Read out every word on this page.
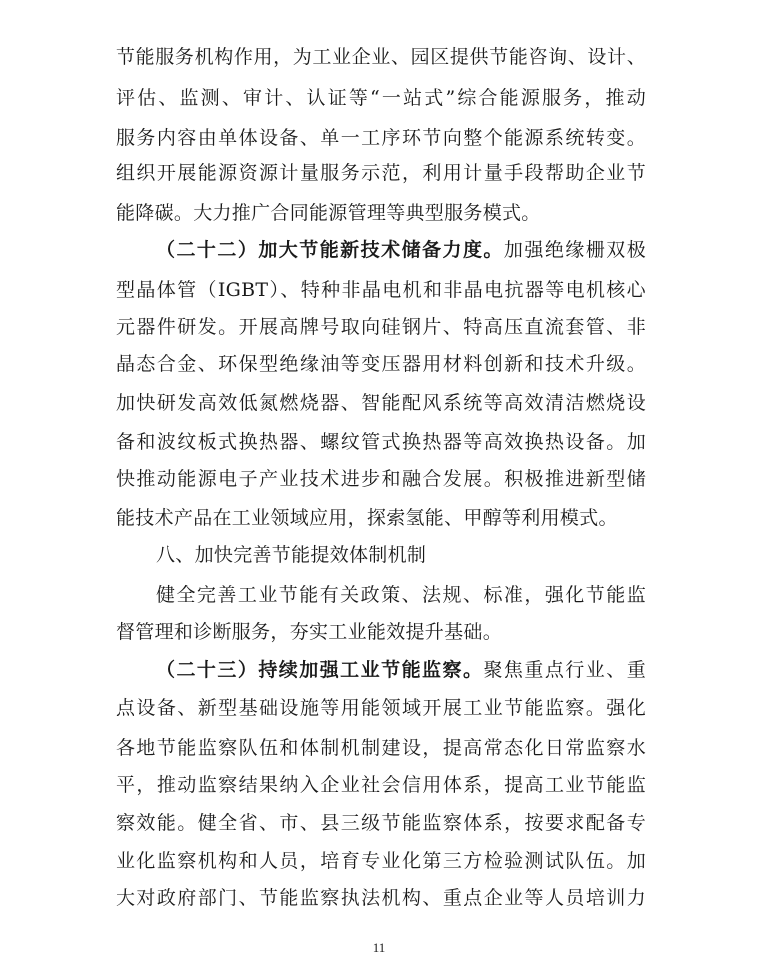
节能服务机构作用，为工业企业、园区提供节能咨询、设计、
评估、监测、审计、认证等“一站式”综合能源服务，推动
服务内容由单体设备、单一工序环节向整个能源系统转变。
组织开展能源资源计量服务示范，利用计量手段帮助企业节
能降碳。大力推广合同能源管理等典型服务模式。
（二十二）加大节能新技术储备力度。加强绝缘栅双极
型晶体管（IGBT）、特种非晶电机和非晶电抗器等电机核心
元器件研发。开展高牌号取向硅钢片、特高压直流套管、非
晶态合金、环保型绝缘油等变压器用材料创新和技术升级。
加快研发高效低氮燃烧器、智能配风系统等高效清洁燃烧设
备和波纹板式换热器、螺纹管式换热器等高效换热设备。加
快推动能源电子产业技术进步和融合发展。积极推进新型储
能技术产品在工业领域应用，探索氢能、甲醇等利用模式。
八、加快完善节能提效体制机制
健全完善工业节能有关政策、法规、标准，强化节能监
督管理和诊断服务，夯实工业能效提升基础。
（二十三）持续加强工业节能监察。聚焦重点行业、重
点设备、新型基础设施等用能领域开展工业节能监察。强化
各地节能监察队伍和体制机制建设，提高常态化日常监察水
平，推动监察结果纳入企业社会信用体系，提高工业节能监
察效能。健全省、市、县三级节能监察体系，按要求配备专
业化监察机构和人员，培育专业化第三方检验测试队伍。加
大对政府部门、节能监察执法机构、重点企业等人员培训力
11
